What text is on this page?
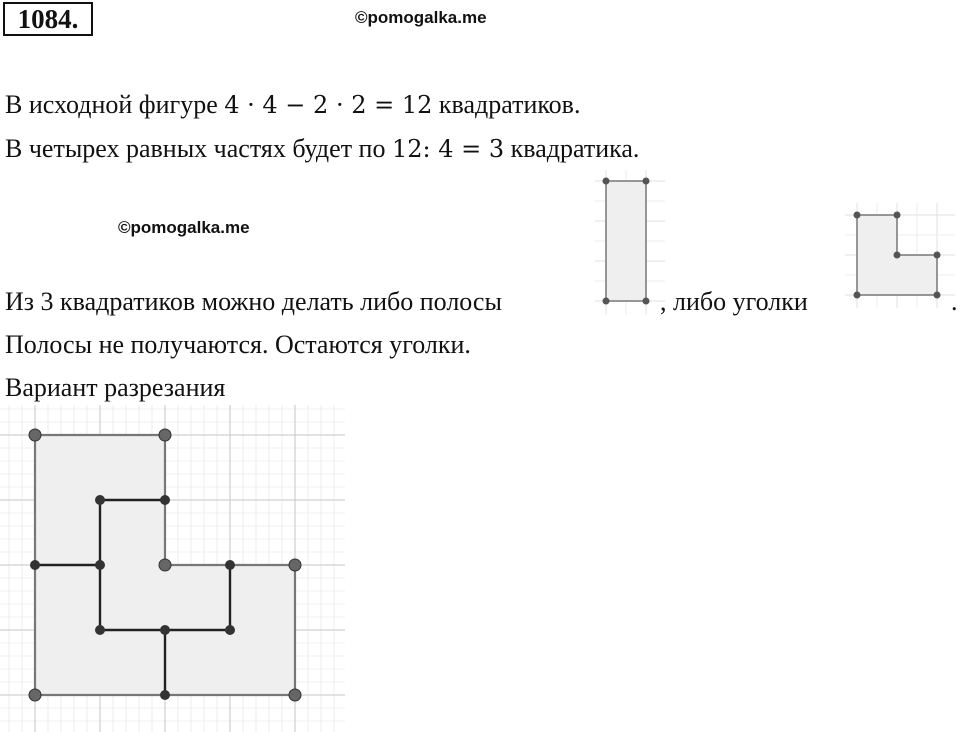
1084.	©pomogalka.me
В исходной фигуре 4 · 4 − 2 · 2 = 12 квадратиков.
В четырех равных частях будет по 12: 4 = 3 квадратика.
©pomogalka.me
Из 3 квадратиков можно делать либо полосы	, либо уголки	.
Полосы не получаются. Остаются уголки.
Вариант разрезания
